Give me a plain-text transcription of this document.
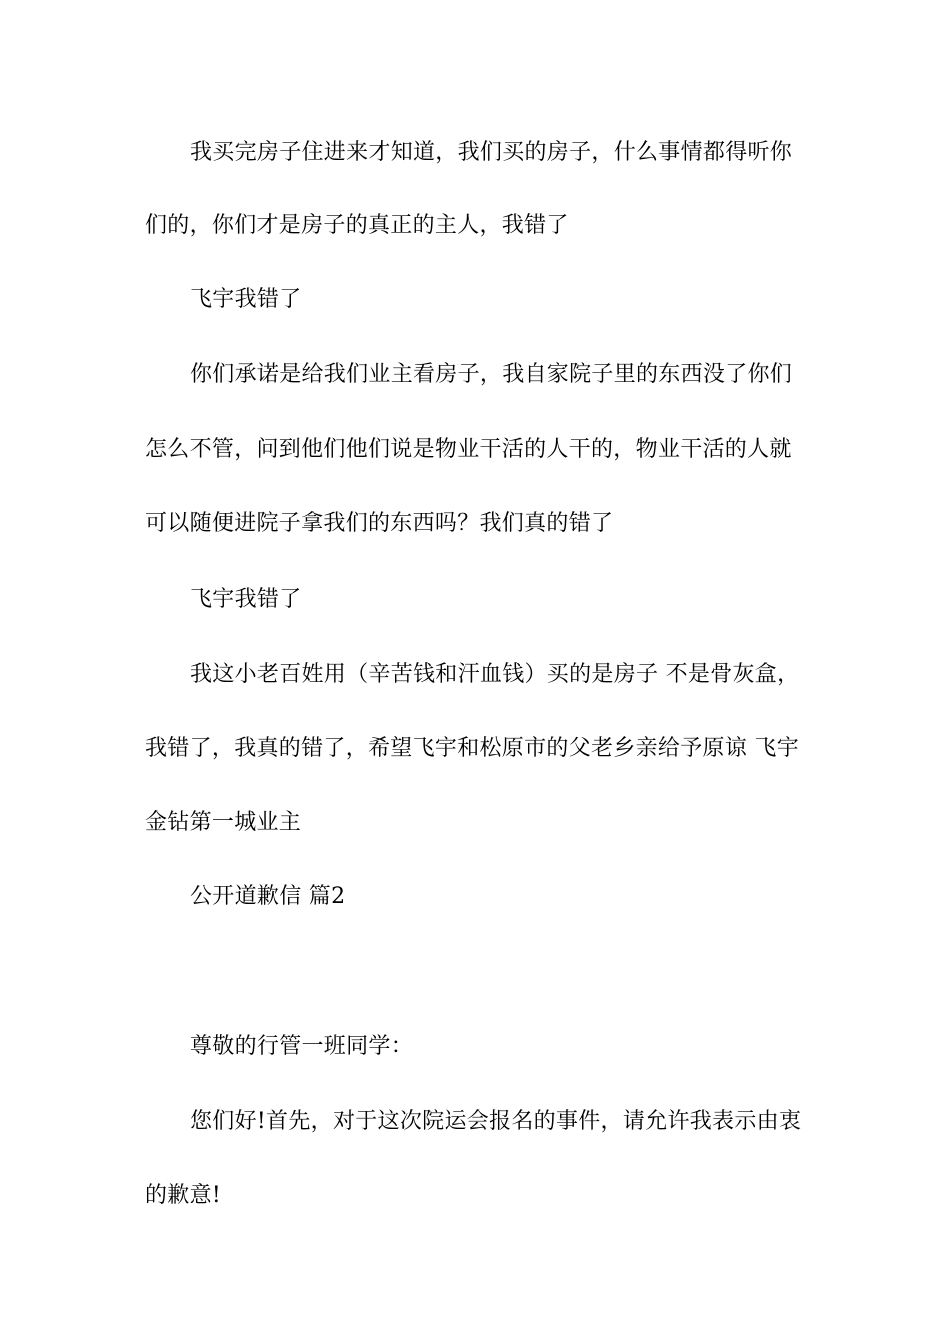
我买完房子住进来才知道，我们买的房子，什么事情都得听你
们的，你们才是房子的真正的主人，我错了
飞宇我错了
你们承诺是给我们业主看房子，我自家院子里的东西没了你们
怎么不管，问到他们他们说是物业干活的人干的，物业干活的人就
可以随便进院子拿我们的东西吗？我们真的错了
飞宇我错了
我这小老百姓用（辛苦钱和汗血钱）买的是房子 不是骨灰盒，
我错了，我真的错了，希望飞宇和松原市的父老乡亲给予原谅 飞宇
金钻第一城业主
公开道歉信 篇2
尊敬的行管一班同学：
您们好!首先，对于这次院运会报名的事件，请允许我表示由衷
的歉意!
